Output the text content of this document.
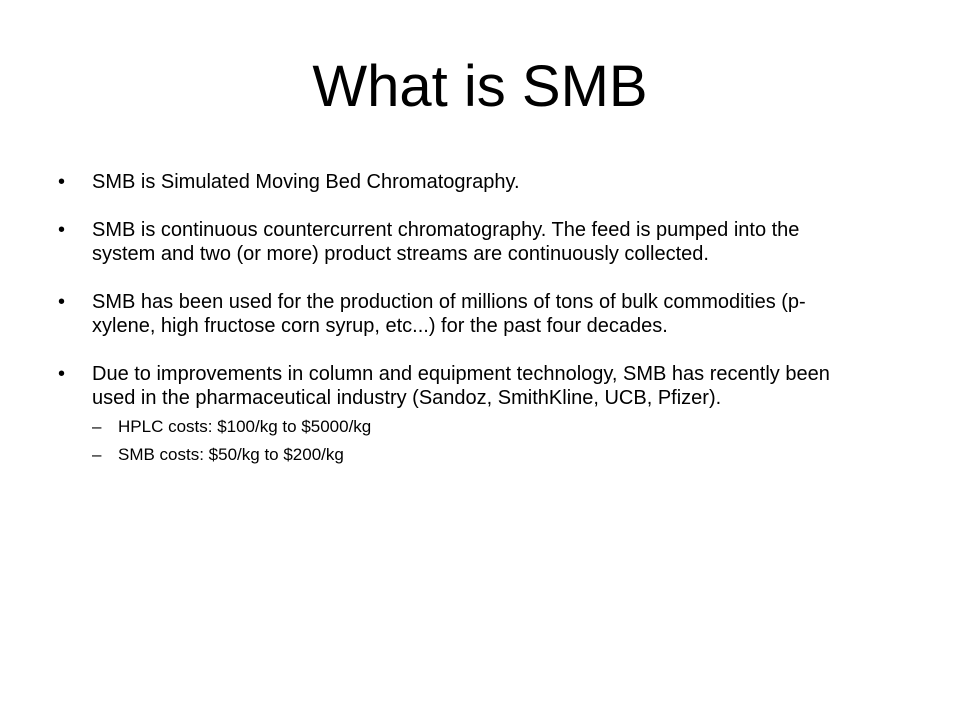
What is SMB
•	SMB is Simulated Moving Bed Chromatography.
•	SMB is continuous countercurrent chromatography. The feed is pumped into the system and two (or more) product streams are continuously collected.
•	SMB has been used for the production of millions of tons of bulk commodities (p-xylene, high fructose corn syrup, etc...) for the past four decades.
•	Due to improvements in column and equipment technology, SMB has recently been used in the pharmaceutical industry (Sandoz, SmithKline, UCB, Pfizer).
– HPLC costs: $100/kg to $5000/kg
– SMB costs: $50/kg to $200/kg
